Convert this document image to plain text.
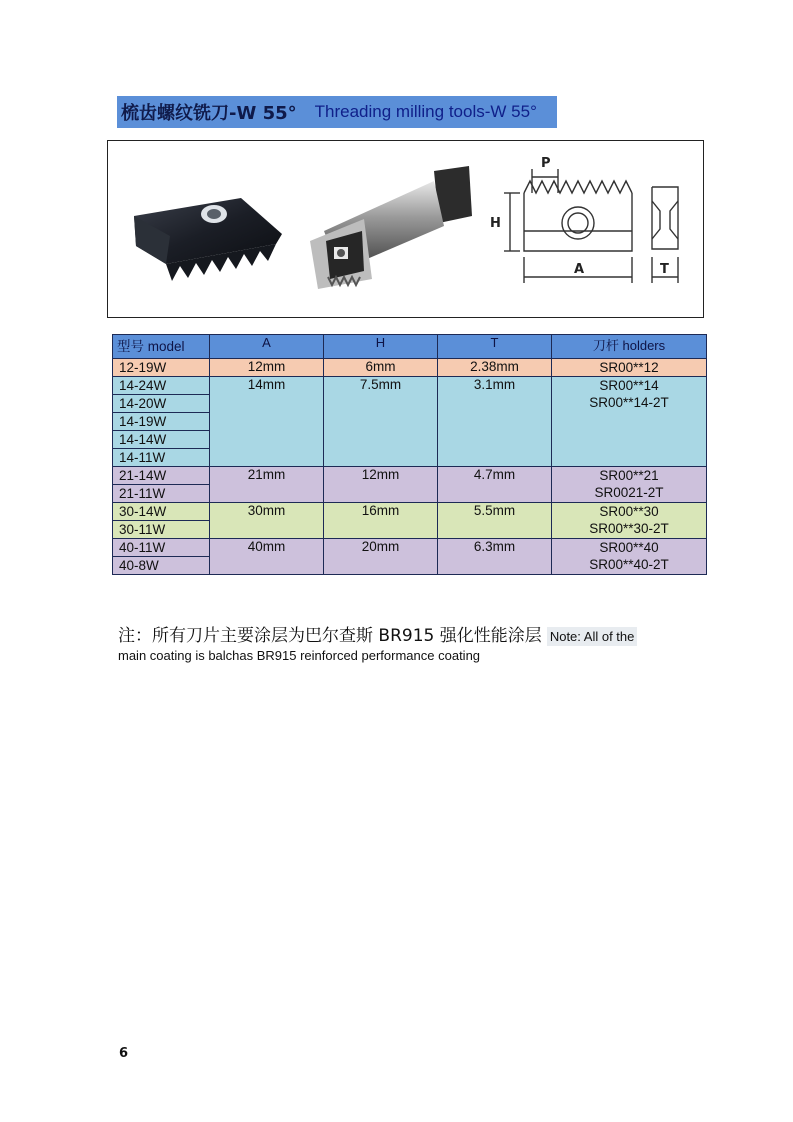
梳齿螺纹铣刀-W 55° Threading milling tools-W 55°
P
H
A	T
型号 model	A	H	T	刀杆 holders
12-19W	12mm	6mm	2.38mm	SR00**12

14-24W	14mm	7.5mm	3.1mm	SR00**14
SR00**14-2T

14-20W				
14-19W				
14-14W				
14-11W				
21-14W	21mm	12mm	4.7mm	SR00**21
SR0021-2T

21-11W				
30-14W	30mm	16mm	5.5mm	SR00**30
SR00**30-2T

30-11W				
40-11W	40mm	20mm	6.3mm	SR00**40
SR00**40-2T

40-8W				
注：所有刀片主要涂层为巴尔查斯 BR915 强化性能涂层 Note: All of the
main coating is balchas BR915 reinforced performance coating
6
